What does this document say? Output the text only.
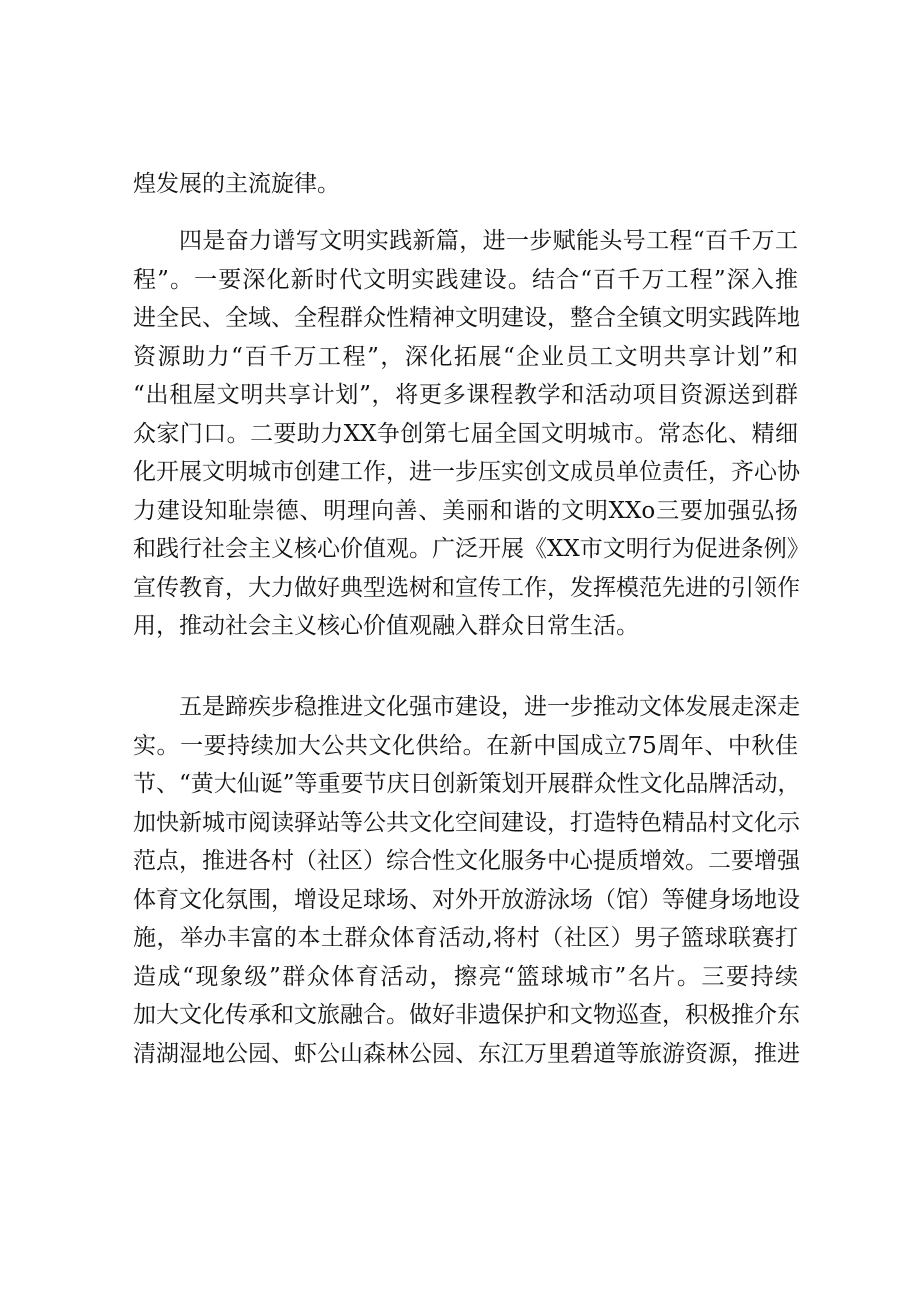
煌发展的主流旋律。
四是奋力谱写文明实践新篇，进一步赋能头号工程“百千万工
程”。一要深化新时代文明实践建设。结合“百千万工程”深入推
进全民、全域、全程群众性精神文明建设，整合全镇文明实践阵地
资源助力“百千万工程”，深化拓展“企业员工文明共享计划”和
“出租屋文明共享计划”，将更多课程教学和活动项目资源送到群
众家门口。二要助力XX争创第七届全国文明城市。常态化、精细
化开展文明城市创建工作，进一步压实创文成员单位责任，齐心协
力建设知耻崇德、明理向善、美丽和谐的文明XXo三要加强弘扬
和践行社会主义核心价值观。广泛开展《XX市文明行为促进条例》
宣传教育，大力做好典型选树和宣传工作，发挥模范先进的引领作
用，推动社会主义核心价值观融入群众日常生活。
五是蹄疾步稳推进文化强市建设，进一步推动文体发展走深走
实。一要持续加大公共文化供给。在新中国成立75周年、中秋佳
节、“黄大仙诞”等重要节庆日创新策划开展群众性文化品牌活动，
加快新城市阅读驿站等公共文化空间建设，打造特色精品村文化示
范点，推进各村（社区）综合性文化服务中心提质增效。二要增强
体育文化氛围，增设足球场、对外开放游泳场（馆）等健身场地设
施，举办丰富的本土群众体育活动,将村（社区）男子篮球联赛打
造成“现象级”群众体育活动，擦亮“篮球城市”名片。三要持续
加大文化传承和文旅融合。做好非遗保护和文物巡查，积极推介东
清湖湿地公园、虾公山森林公园、东江万里碧道等旅游资源，推进
